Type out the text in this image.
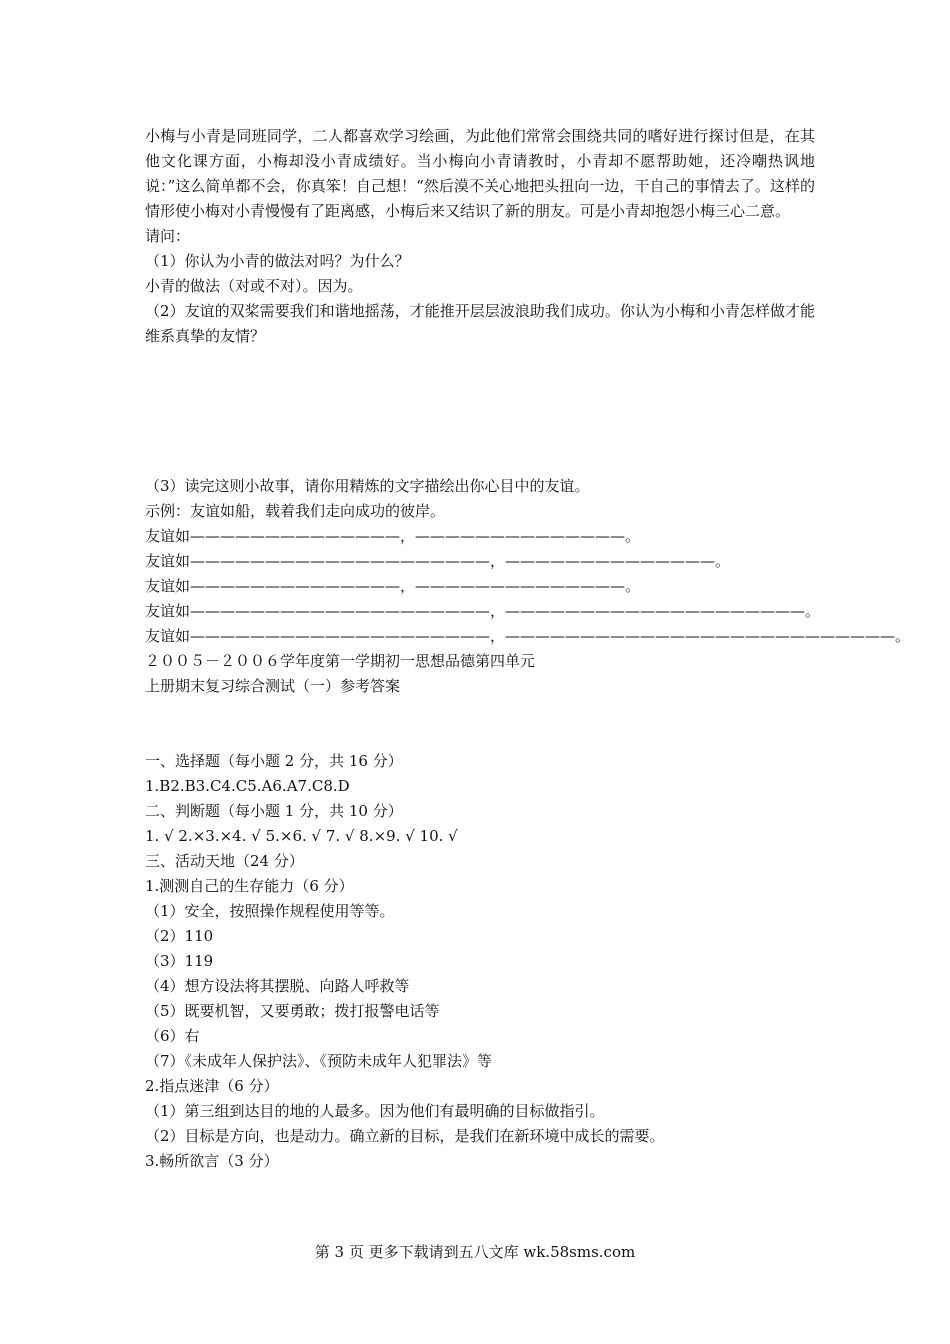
小梅与小青是同班同学，二人都喜欢学习绘画，为此他们常常会围绕共同的嗜好进行探讨但是，在其他文化课方面，小梅却没小青成绩好。当小梅向小青请教时，小青却不愿帮助她，还冷嘲热讽地说：”这么简单都不会，你真笨！自己想！“然后漠不关心地把头扭向一边，干自己的事情去了。这样的情形使小梅对小青慢慢有了距离感，小梅后来又结识了新的朋友。可是小青却抱怨小梅三心二意。
请问：
（1）你认为小青的做法对吗？为什么？
小青的做法（对或不对）。因为。
（2）友谊的双桨需要我们和谐地摇荡，才能推开层层波浪助我们成功。你认为小梅和小青怎样做才能维系真挚的友情？
（3）读完这则小故事，请你用精炼的文字描绘出你心目中的友谊。
示例：友谊如船，载着我们走向成功的彼岸。
友谊如——————————————，——————————————。
友谊如————————————————————，——————————————。
友谊如——————————————，——————————————。
友谊如————————————————————，————————————————————。
友谊如————————————————————，——————————————————————————。
２００５－２００６学年度第一学期初一思想品德第四单元
上册期末复习综合测试（一）参考答案
一、选择题（每小题 2 分，共 16 分）
1.B2.B3.C4.C5.A6.A7.C8.D
二、判断题（每小题 1 分，共 10 分）
1. √ 2.×3.×4. √ 5.×6. √ 7. √ 8.×9. √ 10. √
三、活动天地（24 分）
1.测测自己的生存能力（6 分）
（1）安全，按照操作规程使用等等。
（2）110
（3）119
（4）想方设法将其摆脱、向路人呼救等
（5）既要机智，又要勇敢；拨打报警电话等
（6）右
（7）《未成年人保护法》、《预防未成年人犯罪法》等
2.指点迷津（6 分）
（1）第三组到达目的地的人最多。因为他们有最明确的目标做指引。
（2）目标是方向，也是动力。确立新的目标，是我们在新环境中成长的需要。
3.畅所欲言（3 分）
第 3 页 更多下载请到五八文库 wk.58sms.com
